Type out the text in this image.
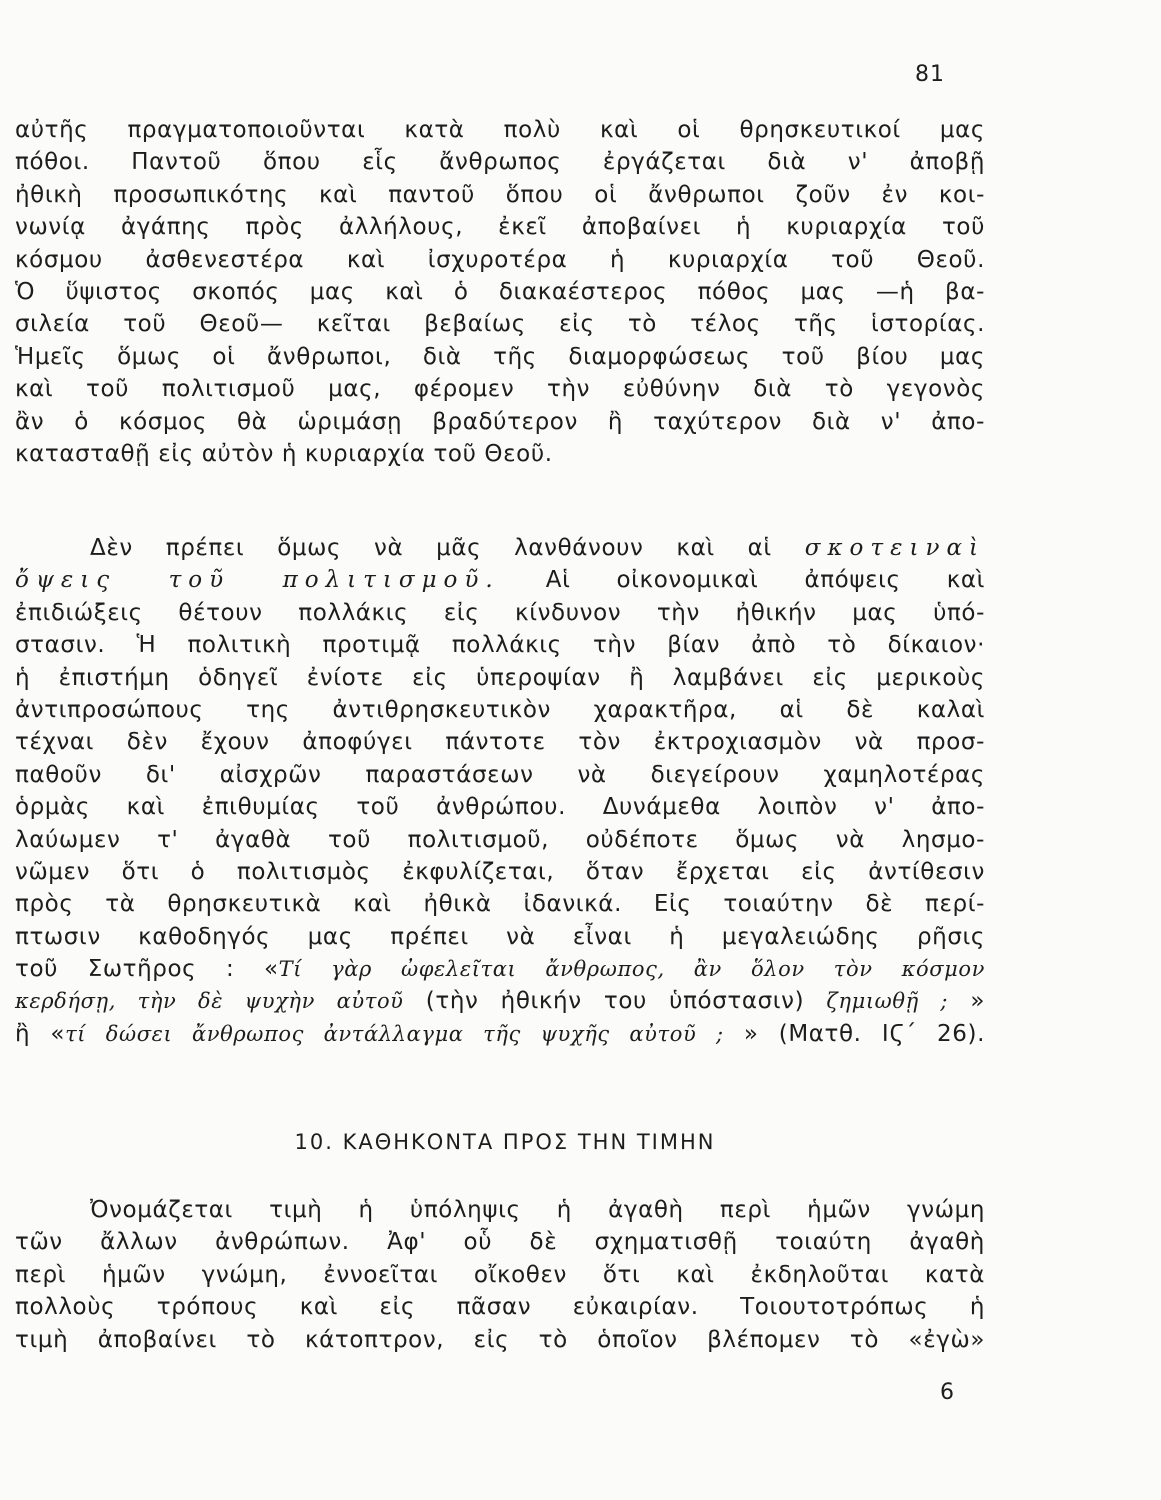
81
αὐτῆς πραγματοποιοῦνται κατὰ πολὺ καὶ οἱ θρησκευτικοί μας
πόθοι. Παντοῦ ὅπου εἷς ἄνθρωπος ἐργάζεται διὰ ν' ἀποβῇ
ἠθικὴ προσωπικότης καὶ παντοῦ ὅπου οἱ ἄνθρωποι ζοῦν ἐν κοι-
νωνίᾳ ἀγάπης πρὸς ἀλλήλους, ἐκεῖ ἀποβαίνει ἡ κυριαρχία τοῦ
κόσμου ἀσθενεστέρα καὶ ἰσχυροτέρα ἡ κυριαρχία τοῦ Θεοῦ.
Ὁ ὕψιστος σκοπός μας καὶ ὁ διακαέστερος πόθος μας —ἡ βα-
σιλεία τοῦ Θεοῦ— κεῖται βεβαίως εἰς τὸ τέλος τῆς ἱστορίας.
Ἡμεῖς ὅμως οἱ ἄνθρωποι, διὰ τῆς διαμορφώσεως τοῦ βίου μας
καὶ τοῦ πολιτισμοῦ μας, φέρομεν τὴν εὐθύνην διὰ τὸ γεγονὸς
ἂν ὁ κόσμος θὰ ὡριμάσῃ βραδύτερον ἢ ταχύτερον διὰ ν' ἀπο-
κατασταθῇ εἰς αὐτὸν ἡ κυριαρχία τοῦ Θεοῦ.
Δὲν πρέπει ὅμως νὰ μᾶς λανθάνουν καὶ αἱ σκοτειναὶ
ὄψεις τοῦ πολιτισμοῦ. Αἱ οἰκονομικαὶ ἀπόψεις καὶ
ἐπιδιώξεις θέτουν πολλάκις εἰς κίνδυνον τὴν ἠθικήν μας ὑπό-
στασιν. Ἡ πολιτικὴ προτιμᾷ πολλάκις τὴν βίαν ἀπὸ τὸ δίκαιον·
ἡ ἐπιστήμη ὁδηγεῖ ἐνίοτε εἰς ὑπεροψίαν ἢ λαμβάνει εἰς μερικοὺς
ἀντιπροσώπους της ἀντιθρησκευτικὸν χαρακτῆρα, αἱ δὲ καλαὶ
τέχναι δὲν ἔχουν ἀποφύγει πάντοτε τὸν ἐκτροχιασμὸν νὰ προσ-
παθοῦν δι' αἰσχρῶν παραστάσεων νὰ διεγείρουν χαμηλοτέρας
ὁρμὰς καὶ ἐπιθυμίας τοῦ ἀνθρώπου. Δυνάμεθα λοιπὸν ν' ἀπο-
λαύωμεν τ' ἀγαθὰ τοῦ πολιτισμοῦ, οὐδέποτε ὅμως νὰ λησμο-
νῶμεν ὅτι ὁ πολιτισμὸς ἐκφυλίζεται, ὅταν ἔρχεται εἰς ἀντίθεσιν
πρὸς τὰ θρησκευτικὰ καὶ ἠθικὰ ἰδανικά. Εἰς τοιαύτην δὲ περί-
πτωσιν καθοδηγός μας πρέπει νὰ εἶναι ἡ μεγαλειώδης ρῆσις
τοῦ Σωτῆρος : «Τί γὰρ ὠφελεῖται ἄνθρωπος, ἂν ὅλον τὸν κόσμον
κερδήσῃ, τὴν δὲ ψυχὴν αὐτοῦ (τὴν ἠθικήν του ὑπόστασιν) ζημιωθῇ ; »
ἢ «τί δώσει ἄνθρωπος ἀντάλλαγμα τῆς ψυχῆς αὐτοῦ ; » (Ματθ. ΙϚ΄ 26).
10. ΚΑΘΗΚΟΝΤΑ ΠΡΟΣ ΤΗΝ ΤΙΜΗΝ
Ὀνομάζεται τιμὴ ἡ ὑπόληψις ἡ ἀγαθὴ περὶ ἡμῶν γνώμη
τῶν ἄλλων ἀνθρώπων. Ἀφ' οὗ δὲ σχηματισθῇ τοιαύτη ἀγαθὴ
περὶ ἡμῶν γνώμη, ἐννοεῖται οἴκοθεν ὅτι καὶ ἐκδηλοῦται κατὰ
πολλοὺς τρόπους καὶ εἰς πᾶσαν εὐκαιρίαν. Τοιουτοτρόπως ἡ
τιμὴ ἀποβαίνει τὸ κάτοπτρον, εἰς τὸ ὁποῖον βλέπομεν τὸ «ἐγὼ»
6
